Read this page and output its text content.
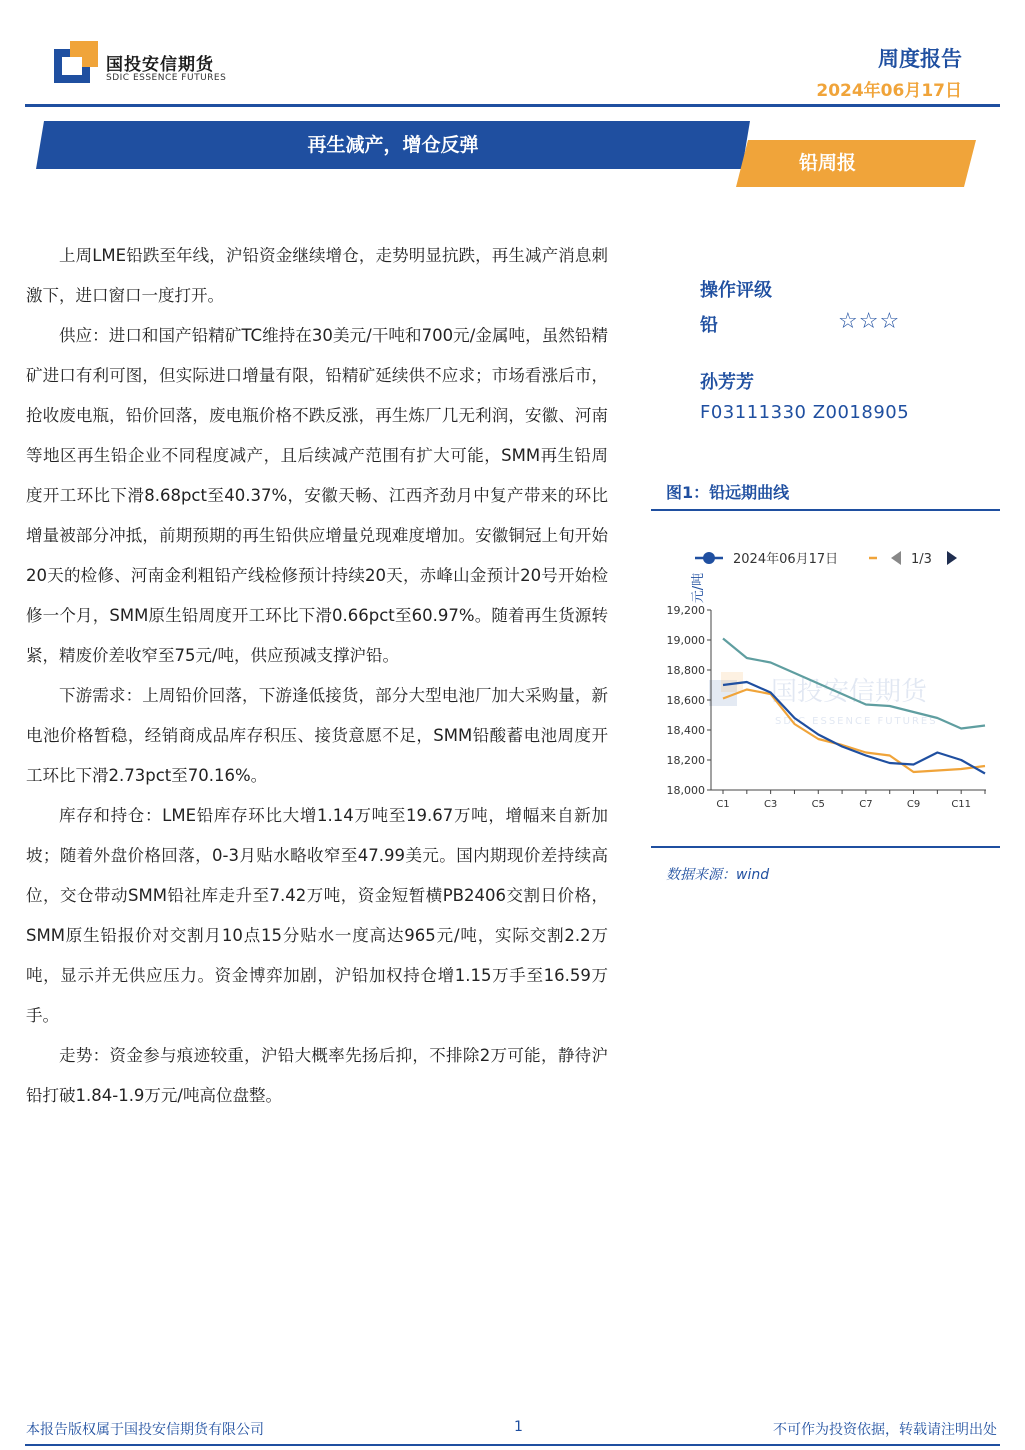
国投安信期货
SDIC ESSENCE FUTURES
周度报告
2024年06月17日
再生减产，增仓反弹
铅周报

上周LME铅跌至年线，沪铅资金继续增仓，走势明显抗跌，再生减产消息刺激下，进口窗口一度打开。

供应：进口和国产铅精矿TC维持在30美元/干吨和700元/金属吨，虽然铅精矿进口有利可图，但实际进口增量有限，铅精矿延续供不应求；市场看涨后市，抢收废电瓶，铅价回落，废电瓶价格不跌反涨，再生炼厂几无利润，安徽、河南等地区再生铅企业不同程度减产，且后续减产范围有扩大可能，SMM再生铅周度开工环比下滑8.68pct至40.37%，安徽天畅、江西齐劲月中复产带来的环比增量被部分冲抵，前期预期的再生铅供应增量兑现难度增加。安徽铜冠上旬开始20天的检修、河南金利粗铅产线检修预计持续20天，赤峰山金预计20号开始检修一个月，SMM原生铅周度开工环比下滑0.66pct至60.97%。随着再生货源转紧，精废价差收窄至75元/吨，供应预减支撑沪铅。

下游需求：上周铅价回落，下游逢低接货，部分大型电池厂加大采购量，新电池价格暂稳，经销商成品库存积压、接货意愿不足，SMM铅酸蓄电池周度开工环比下滑2.73pct至70.16%。

库存和持仓：LME铅库存环比大增1.14万吨至19.67万吨，增幅来自新加坡；随着外盘价格回落，0-3月贴水略收窄至47.99美元。国内期现价差持续高位，交仓带动SMM铅社库走升至7.42万吨，资金短暂横PB2406交割日价格，SMM原生铅报价对交割月10点15分贴水一度高达965元/吨，实际交割2.2万吨，显示并无供应压力。资金博弈加剧，沪铅加权持仓增1.15万手至16.59万手。

走势：资金参与痕迹较重，沪铅大概率先扬后抑，不排除2万可能，静待沪铅打破1.84-1.9万元/吨高位盘整。

操作评级
铅	☆☆☆
孙芳芳
F03111330 Z0018905
图1：铅远期曲线
国投安信期货
SDIC ESSENCE FUTURES
2024年06月17日	1/3
元/吨
18,000
18,200
18,400
18,600
18,800
19,000
19,200
C1	C3	C5	C7	C9	C11
数据来源：wind
本报告版权属于国投安信期货有限公司	1	不可作为投资依据，转载请注明出处
